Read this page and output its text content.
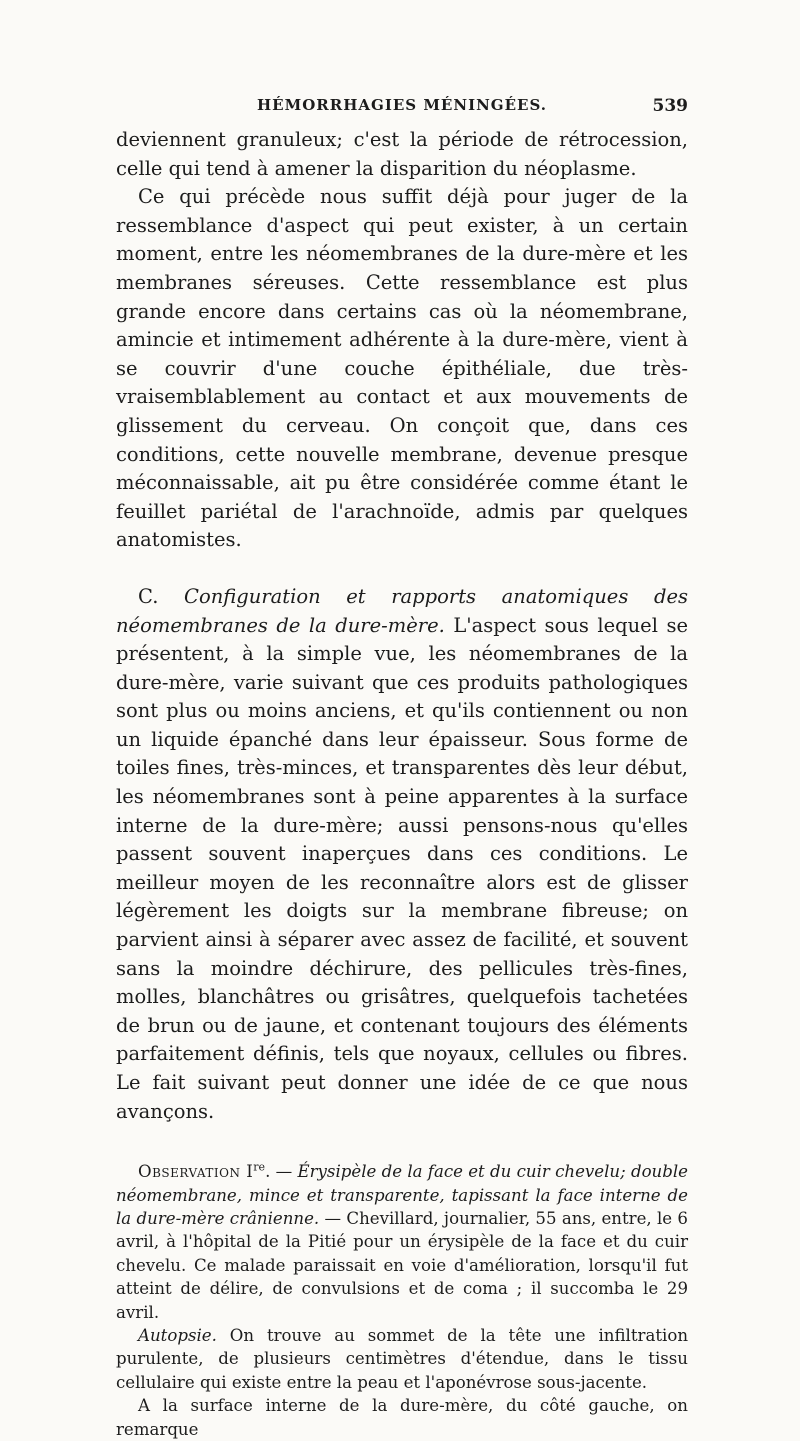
HÉMORRHAGIES MÉNINGÉES.	539

deviennent granuleux; c'est la période de rétrocession, celle qui tend à amener la disparition du néoplasme.

Ce qui précède nous suffit déjà pour juger de la ressemblance d'aspect qui peut exister, à un certain moment, entre les néomembranes de la dure-mère et les membranes séreuses. Cette ressemblance est plus grande encore dans certains cas où la néomembrane, amincie et intimement adhérente à la dure-mère, vient à se couvrir d'une couche épithéliale, due très-vraisemblablement au contact et aux mouvements de glissement du cerveau. On conçoit que, dans ces conditions, cette nouvelle membrane, devenue presque méconnaissable, ait pu être considérée comme étant le feuillet pariétal de l'arachnoïde, admis par quelques anatomistes.

C. Configuration et rapports anatomiques des néomembranes de la dure-mère. L'aspect sous lequel se présentent, à la simple vue, les néomembranes de la dure-mère, varie suivant que ces produits pathologiques sont plus ou moins anciens, et qu'ils contiennent ou non un liquide épanché dans leur épaisseur. Sous forme de toiles fines, très-minces, et transparentes dès leur début, les néomembranes sont à peine apparentes à la surface interne de la dure-mère; aussi pensons-nous qu'elles passent souvent inaperçues dans ces conditions. Le meilleur moyen de les reconnaître alors est de glisser légèrement les doigts sur la membrane fibreuse; on parvient ainsi à séparer avec assez de facilité, et souvent sans la moindre déchirure, des pellicules très-fines, molles, blanchâtres ou grisâtres, quelquefois tachetées de brun ou de jaune, et contenant toujours des éléments parfaitement définis, tels que noyaux, cellules ou fibres. Le fait suivant peut donner une idée de ce que nous avançons.

Observation Ire. — Érysipèle de la face et du cuir chevelu; double néomembrane, mince et transparente, tapissant la face interne de la dure-mère crânienne. — Chevillard, journalier, 55 ans, entre, le 6 avril, à l'hôpital de la Pitié pour un érysipèle de la face et du cuir chevelu. Ce malade paraissait en voie d'amélioration, lorsqu'il fut atteint de délire, de convulsions et de coma ; il succomba le 29 avril.

Autopsie. On trouve au sommet de la tête une infiltration purulente, de plusieurs centimètres d'étendue, dans le tissu cellulaire qui existe entre la peau et l'aponévrose sous-jacente.

A la surface interne de la dure-mère, du côté gauche, on remarque
